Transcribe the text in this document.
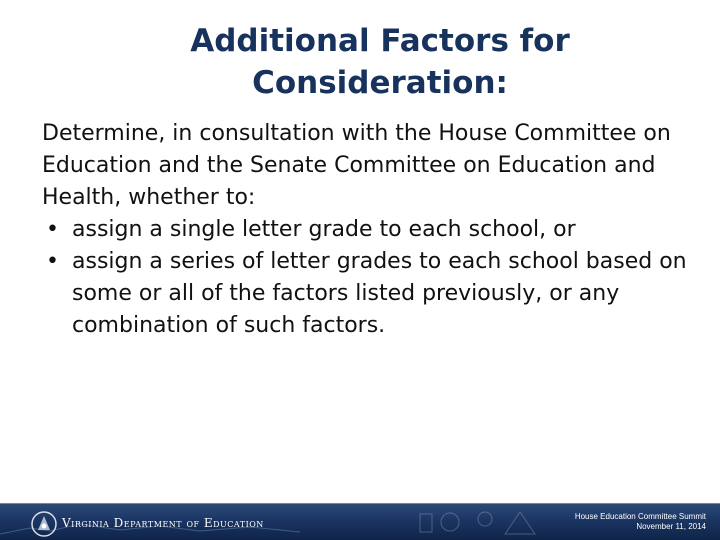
Additional Factors for Consideration:
Determine, in consultation with the House Committee on Education and the Senate Committee on Education and Health, whether to:
• assign a single letter grade to each school, or
• assign a series of letter grades to each school based on some or all of the factors listed previously, or any combination of such factors.
Virginia Department of Education	House Education Committee Summit
November 11, 2014
